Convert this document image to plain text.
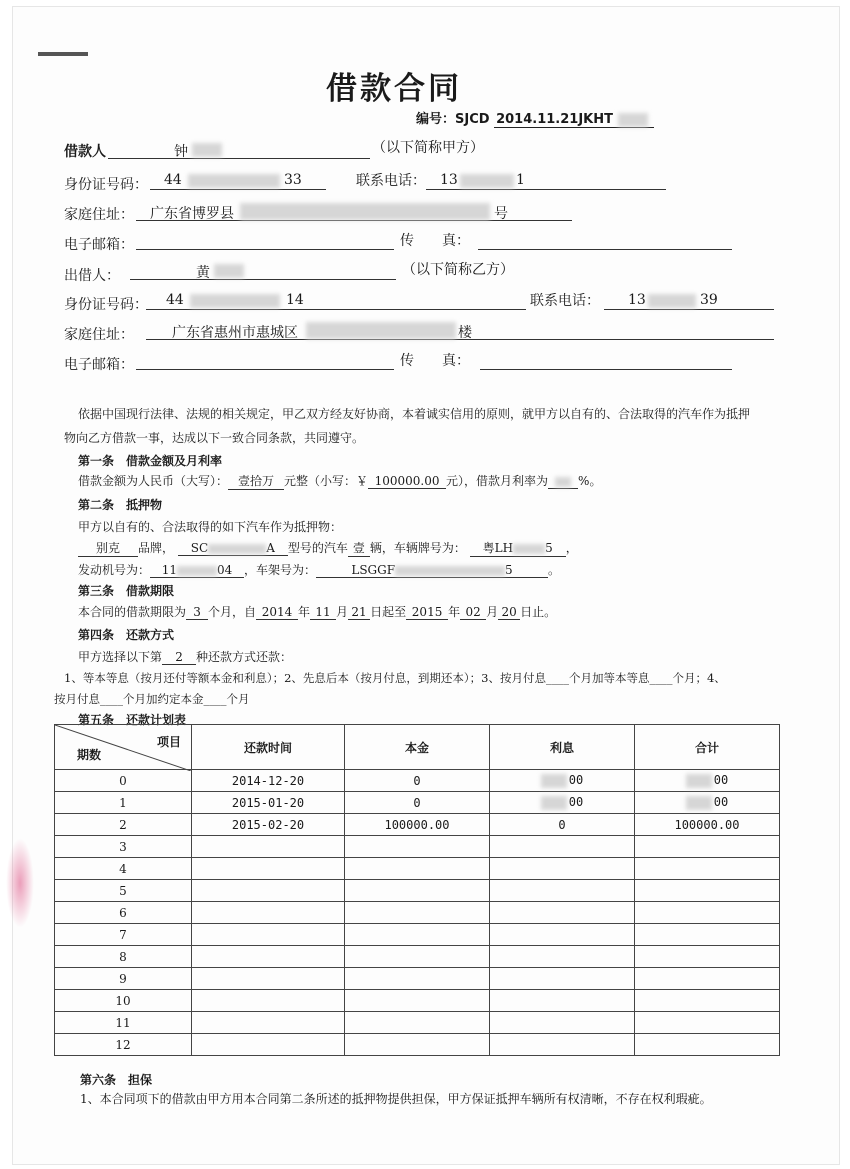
借款合同
编号：SJCD 2014.11.21JKHT
借款人	钟	（以下简称甲方）
身份证号码： 44	33	联系电话： 13	1
家庭住址： 广东省博罗县	号
电子邮箱：	传　　真：
出借人：	黄	（以下简称乙方）
身份证号码： 44	14	联系电话： 13	39
家庭住址：	广东省惠州市惠城区	楼
电子邮箱：	传　　真：
依据中国现行法律、法规的相关规定，甲乙双方经友好协商，本着诚实信用的原则，就甲方以自有的、合法取得的汽车作为抵押
物向乙方借款一事，达成以下一致合同条款，共同遵守。
第一条　借款金额及月利率
借款金额为人民币（大写）： 壹拾万 元整（小写：￥ 100000.00 元），借款月利率为	%。
第二条　抵押物
甲方以自有的、合法取得的如下汽车作为抵押物：
别克 品牌， SC	A 型号的汽车 壹 辆，车辆牌号为： 粤LH	5 ，
发动机号为： 11	04 ，车架号为：	LSGGF	5	。
第三条　借款期限
本合同的借款期限为 3 个月，自 2014 年 11 月 21 日起至 2015 年 02 月 20 日止。
第四条　还款方式
甲方选择以下第 2 种还款方式还款：
1、等本等息（按月还付等额本金和利息）；2、先息后本（按月付息，到期还本）；3、按月付息____个月加等本等息____个月；4、
按月付息____个月加约定本金____个月
第五条　还款计划表
项目
期数	还款时间	本金	利息	合计
0	2014-12-20	0	00	00
1	2015-01-20	0	00	00
2	2015-02-20	100000.00	0	100000.00
3				
4				
5				
6				
7				
8				
9				
10				
11				
12				
第六条　担保
1、本合同项下的借款由甲方用本合同第二条所述的抵押物提供担保，甲方保证抵押车辆所有权清晰，不存在权利瑕疵。
